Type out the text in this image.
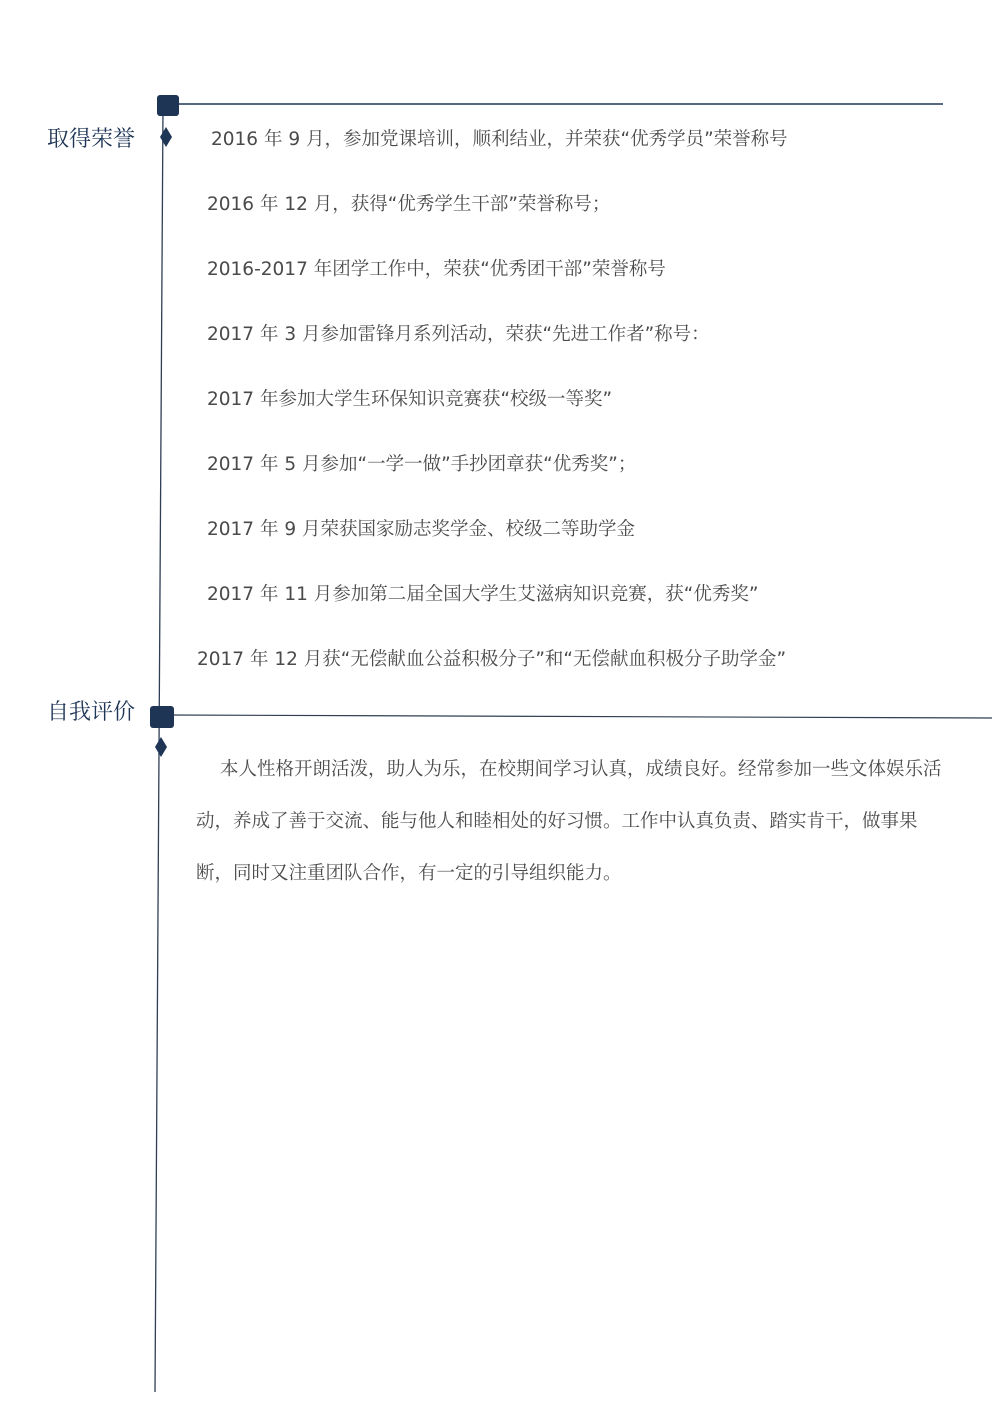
取得荣誉	2016 年 9 月，参加党课培训，顺利结业，并荣获“优秀学员”荣誉称号
2016 年 12 月，获得“优秀学生干部”荣誉称号；
2016-2017 年团学工作中，荣获“优秀团干部”荣誉称号
2017 年 3 月参加雷锋月系列活动，荣获“先进工作者”称号：
2017 年参加大学生环保知识竞赛获“校级一等奖”
2017 年 5 月参加“一学一做”手抄团章获“优秀奖”；
2017 年 9 月荣获国家励志奖学金、校级二等助学金
2017 年 11 月参加第二届全国大学生艾滋病知识竞赛，获“优秀奖”
2017 年 12 月获“无偿献血公益积极分子”和“无偿献血积极分子助学金”
自我评价
本人性格开朗活泼，助人为乐，在校期间学习认真，成绩良好。经常参加一些文体娱乐活动，养成了善于交流、能与他人和睦相处的好习惯。工作中认真负责、踏实肯干，做事果断，同时又注重团队合作，有一定的引导组织能力。
